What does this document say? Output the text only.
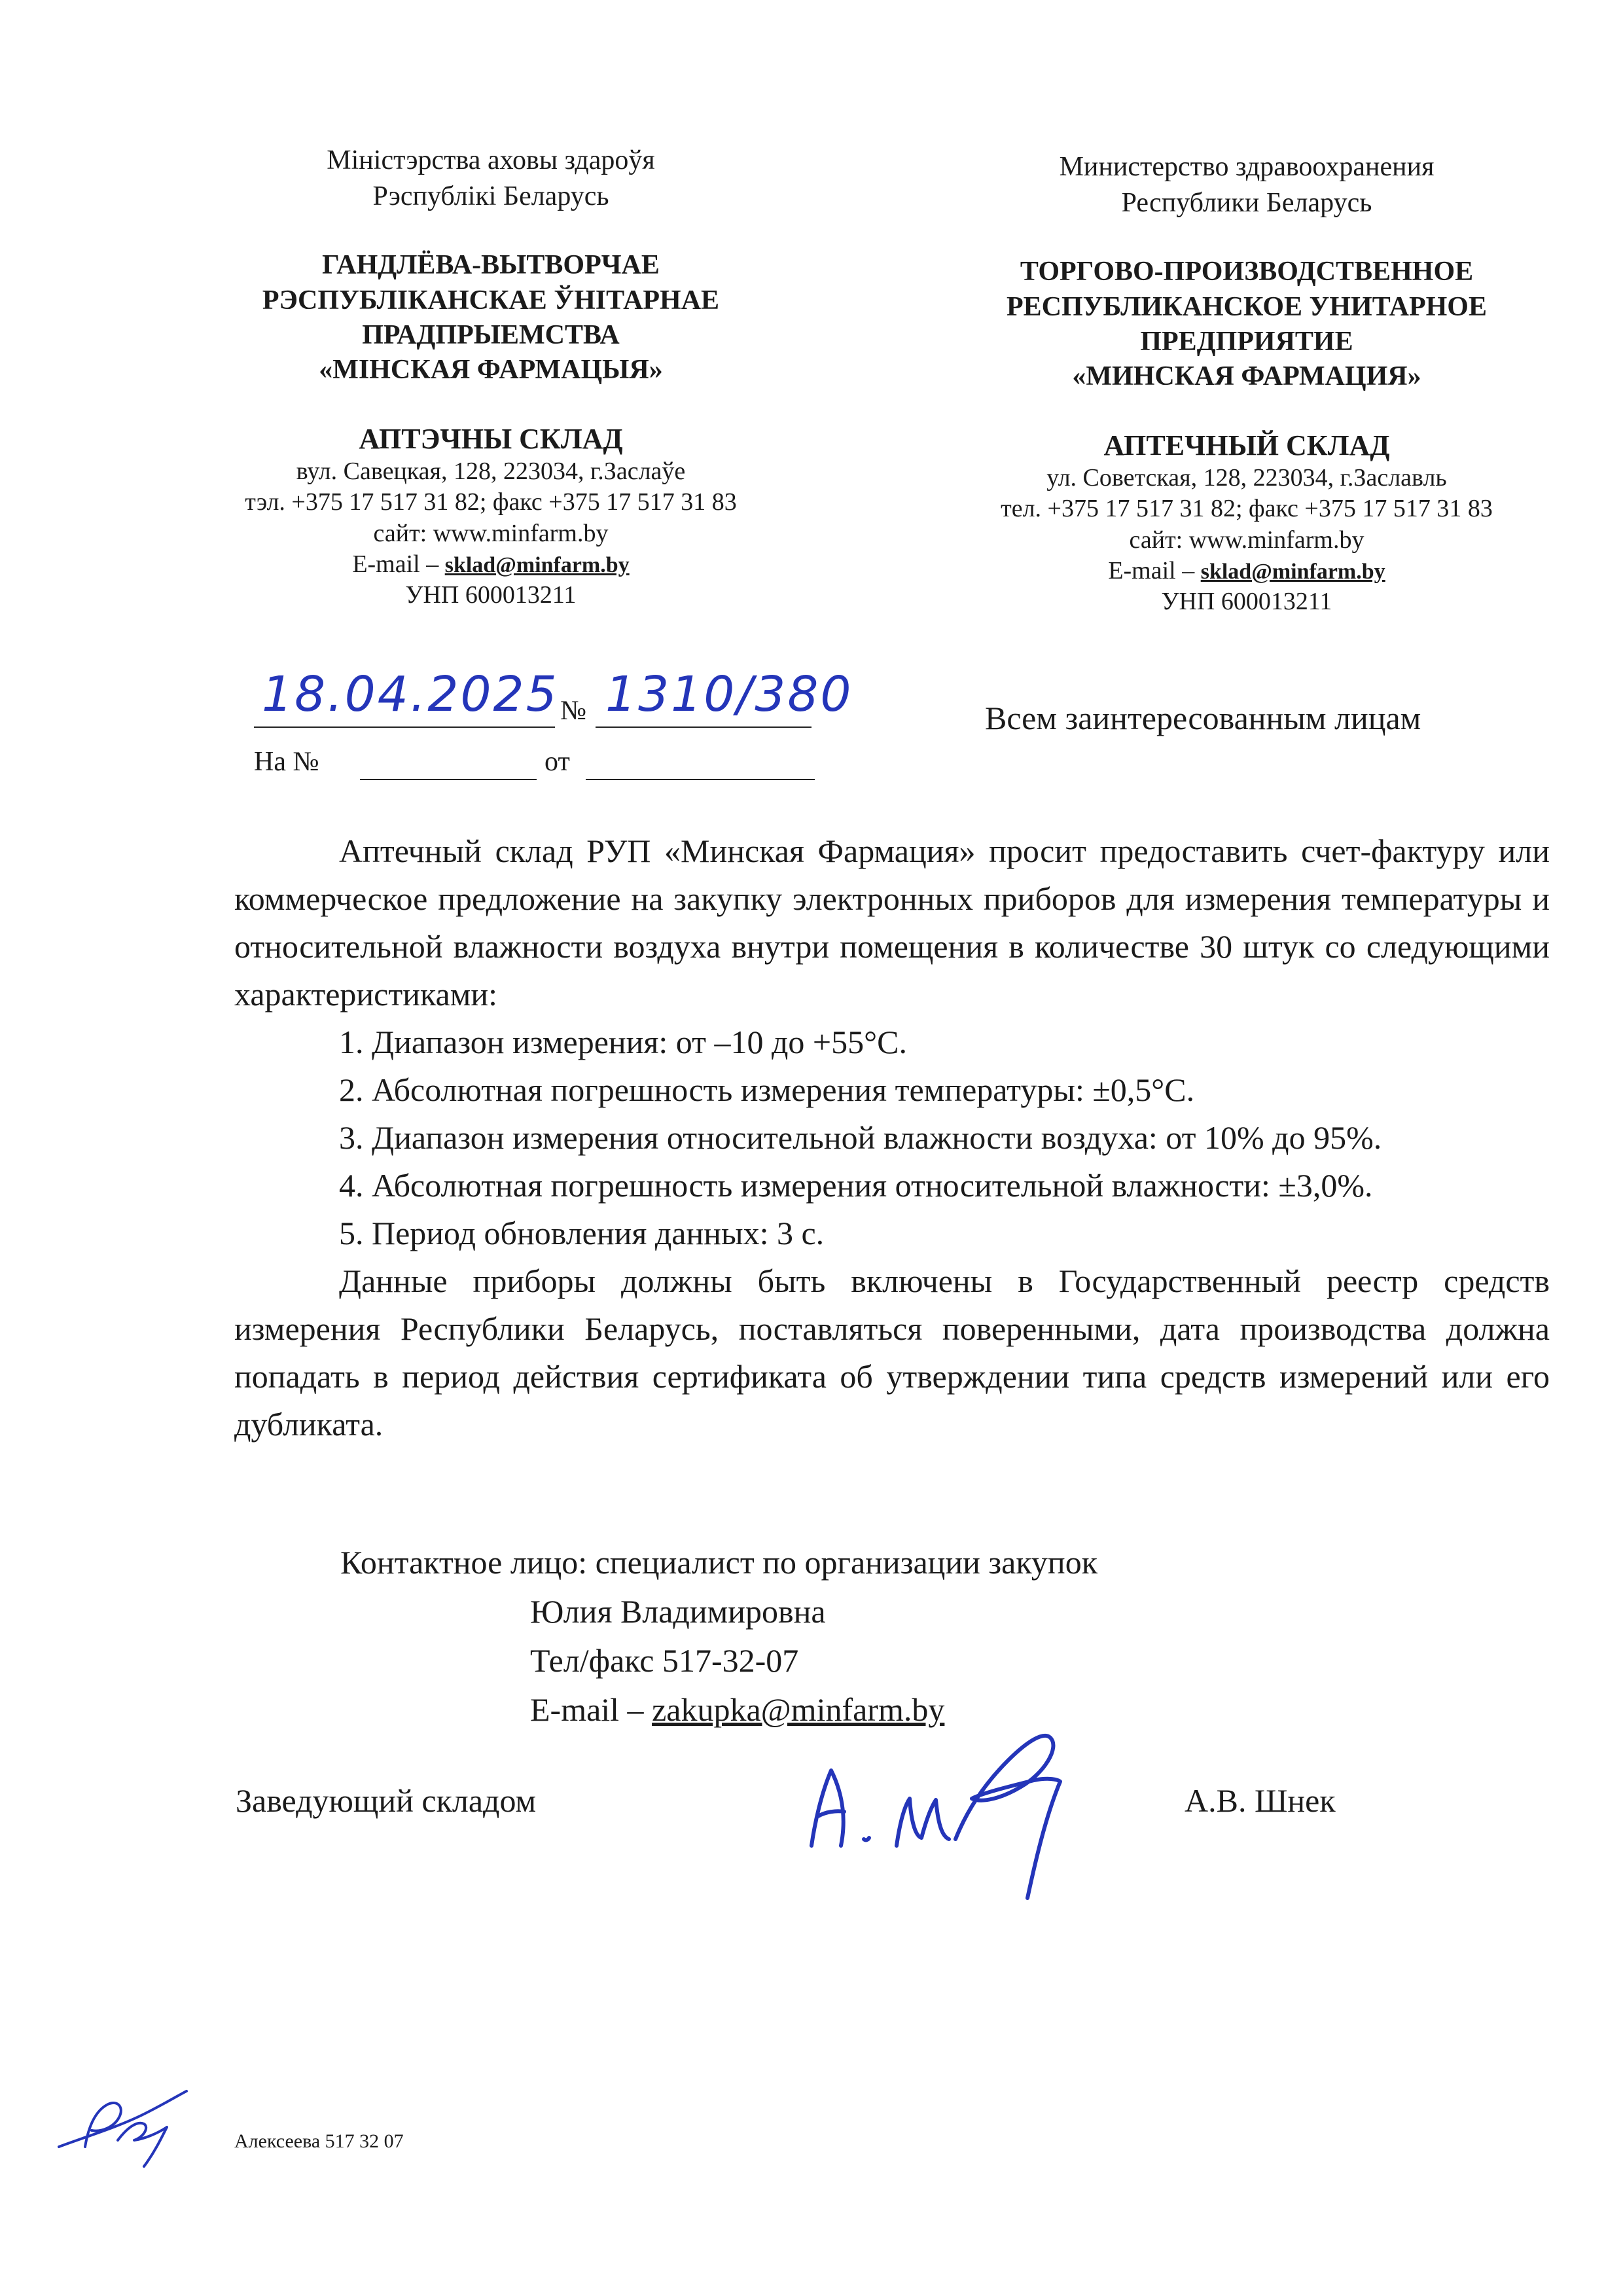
Міністэрства аховы здароўя
Рэспублікі Беларусь
ГАНДЛЁВА-ВЫТВОРЧАЕ
РЭСПУБЛІКАНСКАЕ ЎНІТАРНАЕ
ПРАДПРЫЕМСТВА
«МІНСКАЯ ФАРМАЦЫЯ»
АПТЭЧНЫ СКЛАД
вул. Савецкая, 128, 223034, г.Заслаўе
тэл. +375 17 517 31 82; факс +375 17 517 31 83
сайт: www.minfarm.by
E-mail – sklad@minfarm.by
УНП 600013211
Министерство здравоохранения
Республики Беларусь
ТОРГОВО-ПРОИЗВОДСТВЕННОЕ
РЕСПУБЛИКАНСКОЕ УНИТАРНОЕ
ПРЕДПРИЯТИЕ
«МИНСКАЯ ФАРМАЦИЯ»
АПТЕЧНЫЙ СКЛАД
ул. Советская, 128, 223034, г.Заславль
тел. +375 17 517 31 82; факс +375 17 517 31 83
сайт: www.minfarm.by
E-mail – sklad@minfarm.by
УНП 600013211
18.04.2025 № 1310/380
На №	от
Всем заинтересованным лицам
Аптечный склад РУП «Минская Фармация» просит предоставить счет-фактуру или коммерческое предложение на закупку электронных приборов для измерения температуры и относительной влажности воздуха внутри помещения в количестве 30 штук со следующими характеристиками:
1. Диапазон измерения: от –10 до +55°С.
2. Абсолютная погрешность измерения температуры: ±0,5°С.
3. Диапазон измерения относительной влажности воздуха: от 10% до 95%.
4. Абсолютная погрешность измерения относительной влажности: ±3,0%.
5. Период обновления данных: 3 с.
Данные приборы должны быть включены в Государственный реестр средств измерения Республики Беларусь, поставляться поверенными, дата производства должна попадать в период действия сертификата об утверждении типа средств измерений или его дубликата.
Контактное лицо: специалист по организации закупок
Юлия Владимировна
Тел/факс 517-32-07
E-mail – zakupka@minfarm.by
Заведующий складом	А.В. Шнек
Алексеева 517 32 07
